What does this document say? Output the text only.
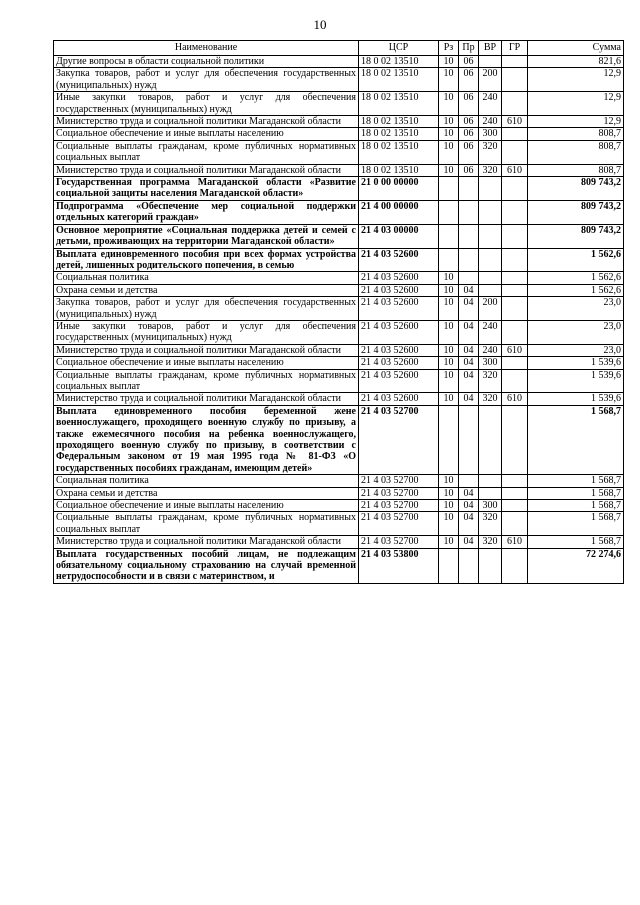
10
Наименование	ЦСР	Рз	Пр	ВР	ГР	Сумма
Другие вопросы в области социальной политики	18 0 02 13510	10	06			821,6
Закупка товаров, работ и услуг для обеспечения государственных (муниципальных) нужд	18 0 02 13510	10	06	200		12,9
Иные закупки товаров, работ и услуг для обеспечения государственных (муниципальных) нужд	18 0 02 13510	10	06	240		12,9
Министерство труда и социальной политики Магаданской области	18 0 02 13510	10	06	240	610	12,9
Социальное обеспечение и иные выплаты населению	18 0 02 13510	10	06	300		808,7
Социальные выплаты гражданам, кроме публичных нормативных социальных выплат	18 0 02 13510	10	06	320		808,7
Министерство труда и социальной политики Магаданской области	18 0 02 13510	10	06	320	610	808,7
Государственная программа Магаданской области «Развитие социальной защиты населения Магаданской области»	21 0 00 00000					809 743,2
Подпрограмма «Обеспечение мер социальной поддержки отдельных категорий граждан»	21 4 00 00000					809 743,2
Основное мероприятие «Социальная поддержка детей и семей с детьми, проживающих на территории Магаданской области»	21 4 03 00000					809 743,2
Выплата единовременного пособия при всех формах устройства детей, лишенных родительского попечения, в семью	21 4 03 52600					1 562,6
Социальная политика	21 4 03 52600	10				1 562,6
Охрана семьи и детства	21 4 03 52600	10	04			1 562,6
Закупка товаров, работ и услуг для обеспечения государственных (муниципальных) нужд	21 4 03 52600	10	04	200		23,0
Иные закупки товаров, работ и услуг для обеспечения государственных (муниципальных) нужд	21 4 03 52600	10	04	240		23,0
Министерство труда и социальной политики Магаданской области	21 4 03 52600	10	04	240	610	23,0
Социальное обеспечение и иные выплаты населению	21 4 03 52600	10	04	300		1 539,6
Социальные выплаты гражданам, кроме публичных нормативных социальных выплат	21 4 03 52600	10	04	320		1 539,6
Министерство труда и социальной политики Магаданской области	21 4 03 52600	10	04	320	610	1 539,6
Выплата единовременного пособия беременной жене военнослужащего, проходящего военную службу по призыву, а также ежемесячного пособия на ребенка военнослужащего, проходящего военную службу по призыву, в соответствии с Федеральным законом от 19 мая 1995 года № 81-ФЗ «О государственных пособиях гражданам, имеющим детей»	21 4 03 52700					1 568,7
Социальная политика	21 4 03 52700	10				1 568,7
Охрана семьи и детства	21 4 03 52700	10	04			1 568,7
Социальное обеспечение и иные выплаты населению	21 4 03 52700	10	04	300		1 568,7
Социальные выплаты гражданам, кроме публичных нормативных социальных выплат	21 4 03 52700	10	04	320		1 568,7
Министерство труда и социальной политики Магаданской области	21 4 03 52700	10	04	320	610	1 568,7
Выплата государственных пособий лицам, не подлежащим обязательному социальному страхованию на случай временной нетрудоспособности и в связи с материнством, и	21 4 03 53800					72 274,6
